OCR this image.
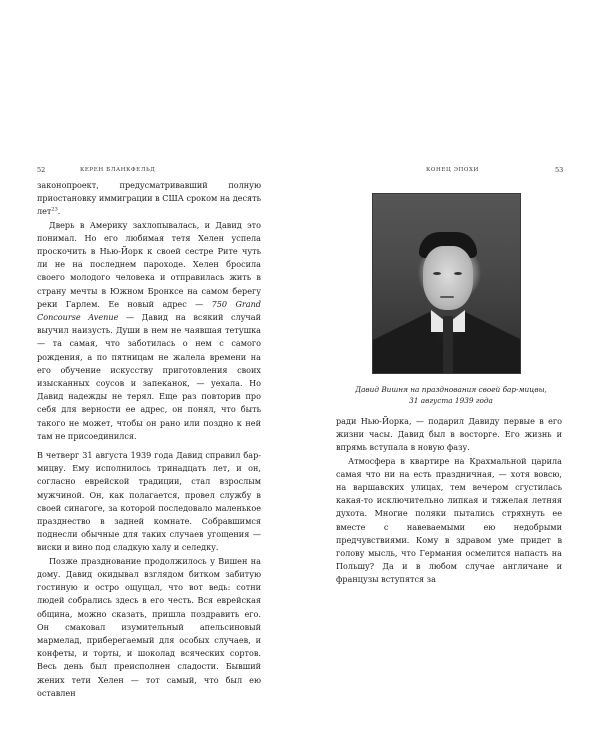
52	КЕРЕН БЛАНКФЕЛЬД

законопроект, предусматривавший полную приостановку иммиграции в США сроком на десять лет$^{23}$.

Дверь в Америку захлопывалась, и Давид это понимал. Но его любимая тетя Хелен успела проскочить в Нью-Йорк к своей сестре Рите чуть ли не на последнем пароходе. Хелен бросила своего молодого человека и отправилась жить в страну мечты в Южном Бронксе на самом берегу реки Гарлем. Ее новый адрес — 750 Grand Concourse Avenue — Давид на всякий случай выучил наизусть. Души в нем не чаявшая тетушка — та самая, что заботилась о нем с самого рождения, а по пятницам не жалела времени на его обучение искусству приготовления своих изысканных соусов и запеканок, — уехала. Но Давид надежды не терял. Еще раз повторив про себя для верности ее адрес, он понял, что быть такого не может, чтобы он рано или поздно к ней там не присоединился.

В четверг 31 августа 1939 года Давид справил бар-мицву. Ему исполнилось тринадцать лет, и он, согласно еврейской традиции, стал взрослым мужчиной. Он, как полагается, провел службу в своей синагоге, за которой последовало маленькое празднество в задней комнате. Собравшимся поднесли обычные для таких случаев угощения — виски и вино под сладкую халу и селедку.

Позже празднование продолжилось у Вишен на дому. Давид окидывал взглядом битком забитую гостиную и остро ощущал, что вот ведь: сотни людей собрались здесь в его честь. Вся еврейская община, можно сказать, пришла поздравить его. Он смаковал изумительный апельсиновый мармелад, приберегаемый для особых случаев, и конфеты, и торты, и шоколад всяческих сортов. Весь день был преисполнен сладости. Бывший жених тети Хелен — тот самый, что был ею оставлен

КОНЕЦ ЭПОХИ	53
Давид Вишня на празднования своей бар-мицвы,
31 августа 1939 года

ради Нью-Йорка, — подарил Давиду первые в его жизни часы. Давид был в восторге. Его жизнь и впрямь вступала в новую фазу.

Атмосфера в квартире на Крахмальной царила самая что ни на есть праздничная, — хотя вовсю, на варшавских улицах, тем вечером сгустилась какая-то исключительно липкая и тяжелая летняя духота. Многие поляки пытались стряхнуть ее вместе с навеваемыми ею недобрыми предчувствиями. Кому в здравом уме придет в голову мысль, что Германия осмелится напасть на Польшу? Да и в любом случае англичане и французы вступятся за
